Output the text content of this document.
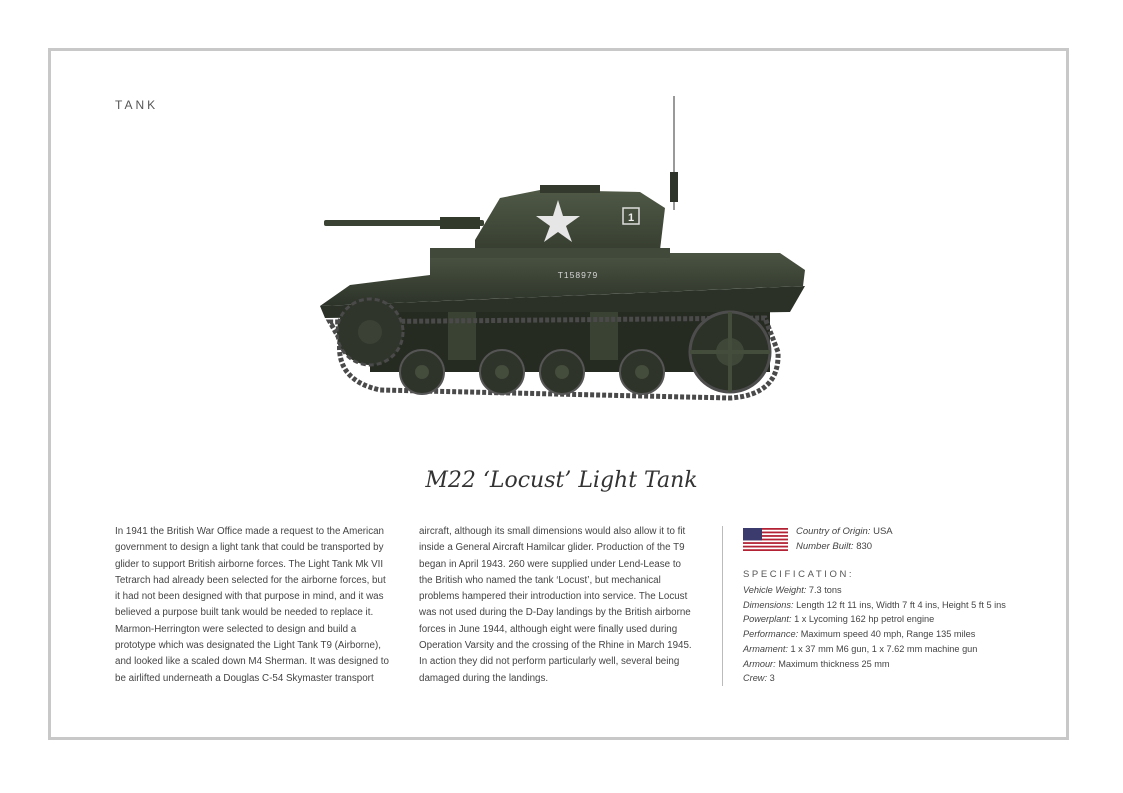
TANK
1
T158979
M22 ‘Locust’ Light Tank
In 1941 the British War Office made a request to the American
government to design a light tank that could be transported by
glider to support British airborne forces. The Light Tank Mk VII
Tetrarch had already been selected for the airborne forces, but
it had not been designed with that purpose in mind, and it was
believed a purpose built tank would be needed to replace it.
Marmon-Herrington were selected to design and build a
prototype which was designated the Light Tank T9 (Airborne),
and looked like a scaled down M4 Sherman. It was designed to
be airlifted underneath a Douglas C-54 Skymaster transport
aircraft, although its small dimensions would also allow it to fit
inside a General Aircraft Hamilcar glider. Production of the T9
began in April 1943. 260 were supplied under Lend-Lease to
the British who named the tank ‘Locust’, but mechanical
problems hampered their introduction into service. The Locust
was not used during the D-Day landings by the British airborne
forces in June 1944, although eight were finally used during
Operation Varsity and the crossing of the Rhine in March 1945.
In action they did not perform particularly well, several being
damaged during the landings.
Country of Origin: USA
Number Built: 830
SPECIFICATION:
Vehicle Weight: 7.3 tons
Dimensions: Length 12 ft 11 ins, Width 7 ft 4 ins, Height 5 ft 5 ins
Powerplant: 1 x Lycoming 162 hp petrol engine
Performance: Maximum speed 40 mph, Range 135 miles
Armament: 1 x 37 mm M6 gun, 1 x 7.62 mm machine gun
Armour: Maximum thickness 25 mm
Crew: 3
